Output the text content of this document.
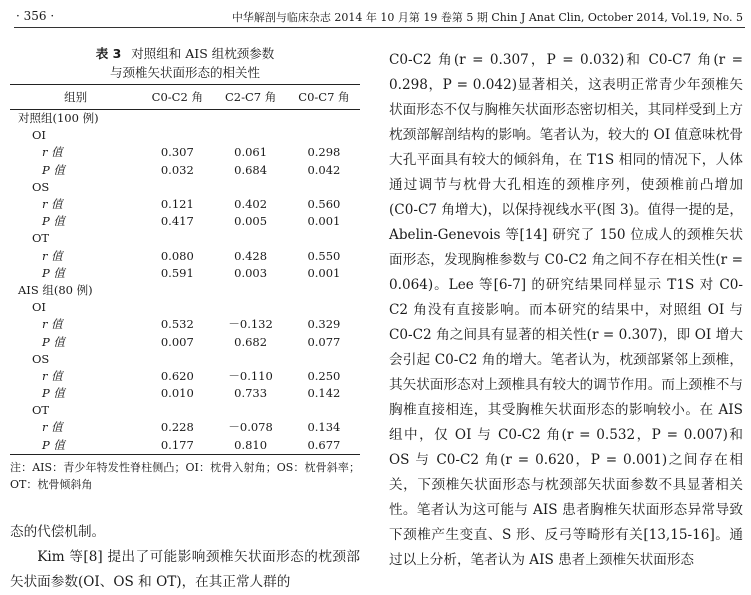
· 356 ·	中华解剖与临床杂志 2014 年 10 月第 19 卷第 5 期 Chin J Anat Clin, October 2014, Vol.19, No. 5
表 3 对照组和 AIS 组枕颈参数
与颈椎矢状面形态的相关性
组别	C0-C2 角	C2-C7 角	C0-C7 角
对照组(100 例)			
OI			
r 值	0.307	0.061	0.298
P 值	0.032	0.684	0.042
OS			
r 值	0.121	0.402	0.560
P 值	0.417	0.005	0.001
OT			
r 值	0.080	0.428	0.550
P 值	0.591	0.003	0.001
AIS 组(80 例)			
OI			
r 值	0.532	－0.132	0.329
P 值	0.007	0.682	0.077
OS			
r 值	0.620	－0.110	0.250
P 值	0.010	0.733	0.142
OT			
r 值	0.228	－0.078	0.134
P 值	0.177	0.810	0.677
注：AIS：青少年特发性脊柱侧凸；OI：枕骨入射角；OS：枕骨斜率；OT：枕骨倾斜角

态的代偿机制。

Kim 等[8] 提出了可能影响颈椎矢状面形态的枕颈部矢状面参数(OI、OS 和 OT)，在其正常人群的

C0-C2 角(r = 0.307，P = 0.032)和 C0-C7 角(r = 0.298，P = 0.042)显著相关，这表明正常青少年颈椎矢状面形态不仅与胸椎矢状面形态密切相关，其同样受到上方枕颈部解剖结构的影响。笔者认为，较大的 OI 值意味枕骨大孔平面具有较大的倾斜角，在 T1S 相同的情况下，人体通过调节与枕骨大孔相连的颈椎序列，使颈椎前凸增加(C0-C7 角增大)，以保持视线水平(图 3)。值得一提的是，Abelin-Genevois 等[14] 研究了 150 位成人的颈椎矢状面形态，发现胸椎参数与 C0-C2 角之间不存在相关性(r = 0.064)。Lee 等[6-7] 的研究结果同样显示 T1S 对 C0-C2 角没有直接影响。而本研究的结果中，对照组 OI 与 C0-C2 角之间具有显著的相关性(r = 0.307)，即 OI 增大会引起 C0-C2 角的增大。笔者认为，枕颈部紧邻上颈椎，其矢状面形态对上颈椎具有较大的调节作用。而上颈椎不与胸椎直接相连，其受胸椎矢状面形态的影响较小。在 AIS 组中，仅 OI 与 C0-C2 角(r = 0.532，P = 0.007)和 OS 与 C0-C2 角(r = 0.620，P = 0.001)之间存在相关，下颈椎矢状面形态与枕颈部矢状面参数不具显著相关性。笔者认为这可能与 AIS 患者胸椎矢状面形态异常导致下颈椎产生变直、S 形、反弓等畸形有关[13,15-16]。通过以上分析，笔者认为 AIS 患者上颈椎矢状面形态
